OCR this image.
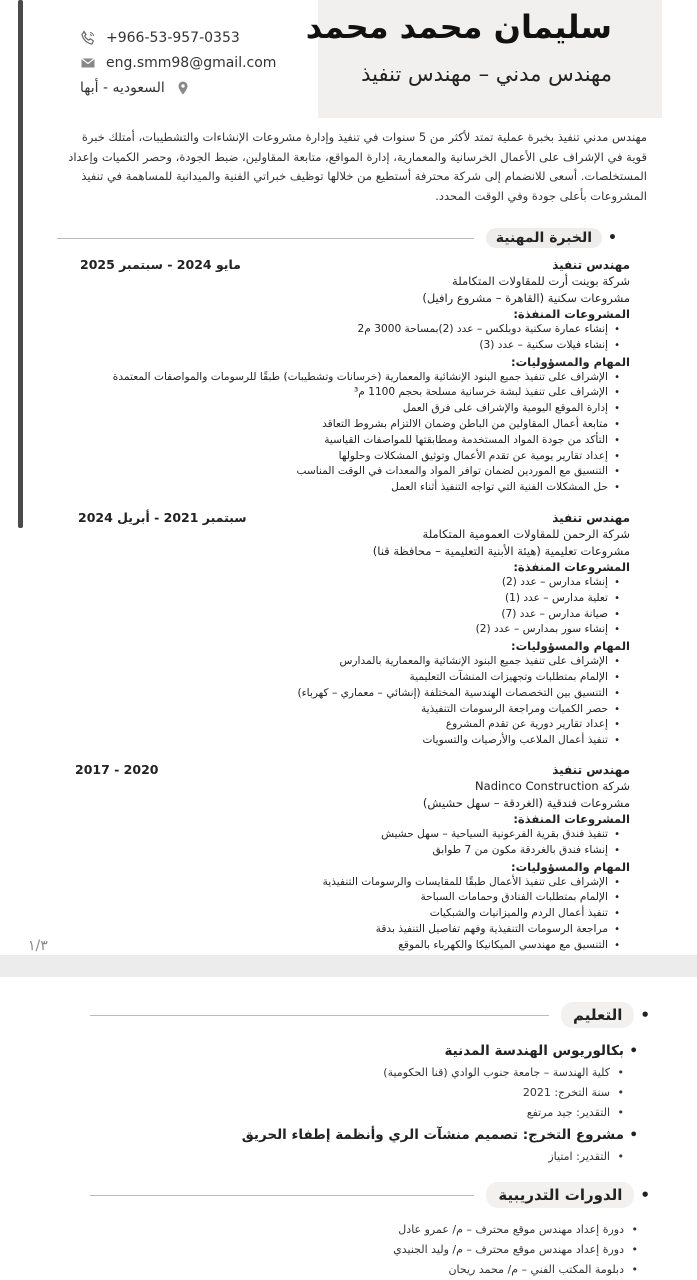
سليمان محمد محمد
مهندس مدني – مهندس تنفيذ
+966-53-957-0353
eng.smm98@gmail.com
السعوديه - أبها
مهندس مدني تنفيذ بخبرة عملية تمتد لأكثر من 5 سنوات في تنفيذ وإدارة مشروعات الإنشاءات والتشطيبات، أمتلك خبرة قوية في الإشراف على الأعمال الخرسانية والمعمارية، إدارة المواقع، متابعة المقاولين، ضبط الجودة، وحصر الكميات وإعداد المستخلصات. أسعى للانضمام إلى شركة محترفة أستطيع من خلالها توظيف خبراتي الفنية والميدانية للمساهمة في تنفيذ المشروعات بأعلى جودة وفي الوقت المحدد.
•
الخبرة المهنية
مهندس تنفيذ
مايو 2024 - سبتمبر 2025
شركة بوينت أرت للمقاولات المتكاملة
مشروعات سكنية (القاهرة – مشروع رافيل)
المشروعات المنفذة:
• إنشاء عمارة سكنية دوبلكس – عدد (2)بمساحة 3000 م2
• إنشاء فيلات سكنية – عدد (3)
المهام والمسؤوليات:
• الإشراف على تنفيذ جميع البنود الإنشائية والمعمارية (خرسانات وتشطيبات) طبقًا للرسومات والمواصفات المعتمدة
• الإشراف على تنفيذ لبشة خرسانية مسلحة بحجم 1100 م³
• إدارة الموقع اليومية والإشراف على فرق العمل
• متابعة أعمال المقاولين من الباطن وضمان الالتزام بشروط التعاقد
• التأكد من جودة المواد المستخدمة ومطابقتها للمواصفات القياسية
• إعداد تقارير يومية عن تقدم الأعمال وتوثيق المشكلات وحلولها
• التنسيق مع الموردين لضمان توافر المواد والمعدات في الوقت المناسب
• حل المشكلات الفنية التي تواجه التنفيذ أثناء العمل
مهندس تنفيذ
سبتمبر 2021 - أبريل 2024
شركة الرحمن للمقاولات العمومية المتكاملة
مشروعات تعليمية (هيئة الأبنية التعليمية – محافظة قنا)
المشروعات المنفذة:
• إنشاء مدارس – عدد (2)
• تعلية مدارس – عدد (1)
• صيانة مدارس – عدد (7)
• إنشاء سور بمدارس – عدد (2)
المهام والمسؤوليات:
• الإشراف على تنفيذ جميع البنود الإنشائية والمعمارية بالمدارس
• الإلمام بمتطلبات وتجهيزات المنشآت التعليمية
• التنسيق بين التخصصات الهندسية المختلفة (إنشائي – معماري – كهرباء)
• حصر الكميات ومراجعة الرسومات التنفيذية
• إعداد تقارير دورية عن تقدم المشروع
• تنفيذ أعمال الملاعب والأرصيات والتسويات
مهندس تنفيذ
2017 - 2020
شركة Nadinco Construction
مشروعات فندقية (الغردقة – سهل حشيش)
المشروعات المنفذة:
• تنفيذ فندق بقرية الفرعونية السياحية – سهل حشيش
• إنشاء فندق بالغردقة مكون من 7 طوابق
المهام والمسؤوليات:
• الإشراف على تنفيذ الأعمال طبقًا للمقايسات والرسومات التنفيذية
• الإلمام بمتطلبات الفنادق وحمامات السباحة
• تنفيذ أعمال الردم والميزانيات والشبكيات
• مراجعة الرسومات التنفيذية وفهم تفاصيل التنفيذ بدقة
• التنسيق مع مهندسي الميكانيكا والكهرباء بالموقع
١/٣
•
التعليم
• بكالوريوس الهندسة المدنية
• كلية الهندسة – جامعة جنوب الوادي (قنا الحكومية)
• سنة التخرج: 2021
• التقدير: جيد مرتفع
• مشروع التخرج: تصميم منشآت الري وأنظمة إطفاء الحريق
• التقدير: امتياز
•
الدورات التدريبية
• دورة إعداد مهندس موقع محترف – م/ عمرو عادل
• دورة إعداد مهندس موقع محترف – م/ وليد الجنيدي
• دبلومة المكتب الفني – م/ محمد ريحان
